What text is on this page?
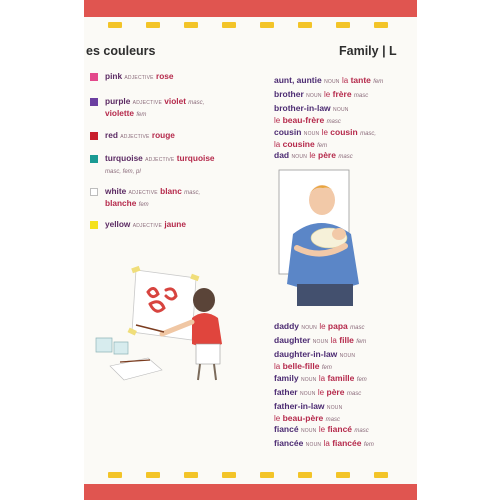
es couleurs	Family | L
pink ADJECTIVE rose
purple ADJECTIVE violet masc,
violette fem
red ADJECTIVE rouge
turquoise ADJECTIVE turquoise
masc, fem, pl
white ADJECTIVE blanc masc,
blanche fem
yellow ADJECTIVE jaune
aunt, auntie NOUN la tante fem
brother NOUN le frère masc
brother-in-law NOUN
le beau-frère masc
cousin NOUN le cousin masc,
la cousine fem
dad NOUN le père masc
daddy NOUN le papa masc
daughter NOUN la fille fem
daughter-in-law NOUN
la belle-fille fem
family NOUN la famille fem
father NOUN le père masc
father-in-law NOUN
le beau-père masc
fiancé NOUN le fiancé masc
fiancée NOUN la fiancée fem
